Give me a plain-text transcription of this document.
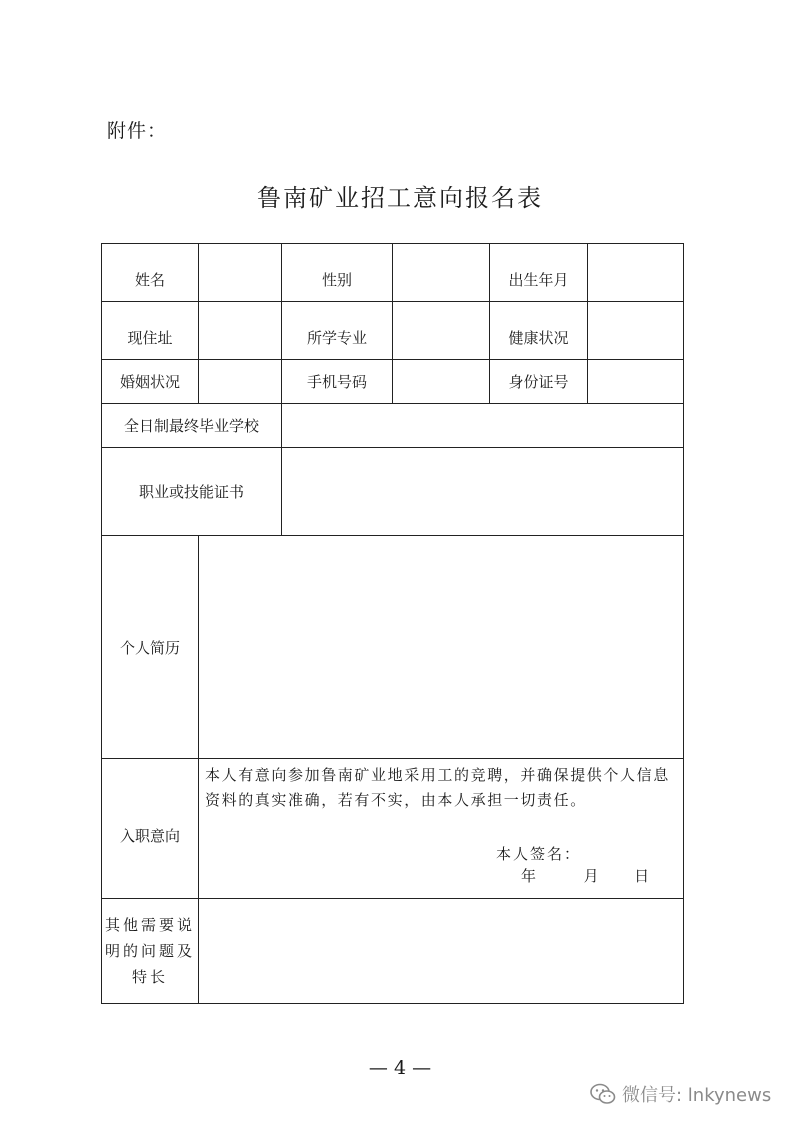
附件：
鲁南矿业招工意向报名表
姓名		性别		出生年月	
现住址		所学专业		健康状况	
婚姻状况		手机号码		身份证号	
全日制最终毕业学校					
职业或技能证书					
个人简历					
入职意向	本人有意向参加鲁南矿业地采用工的竞聘，并确保提供个人信息资料的真实准确，若有不实，由本人承担一切责任。
本人签名：
年 月 日				

其他需要说
明的问题及
特长					

— 4 —
微信号: lnkynews
